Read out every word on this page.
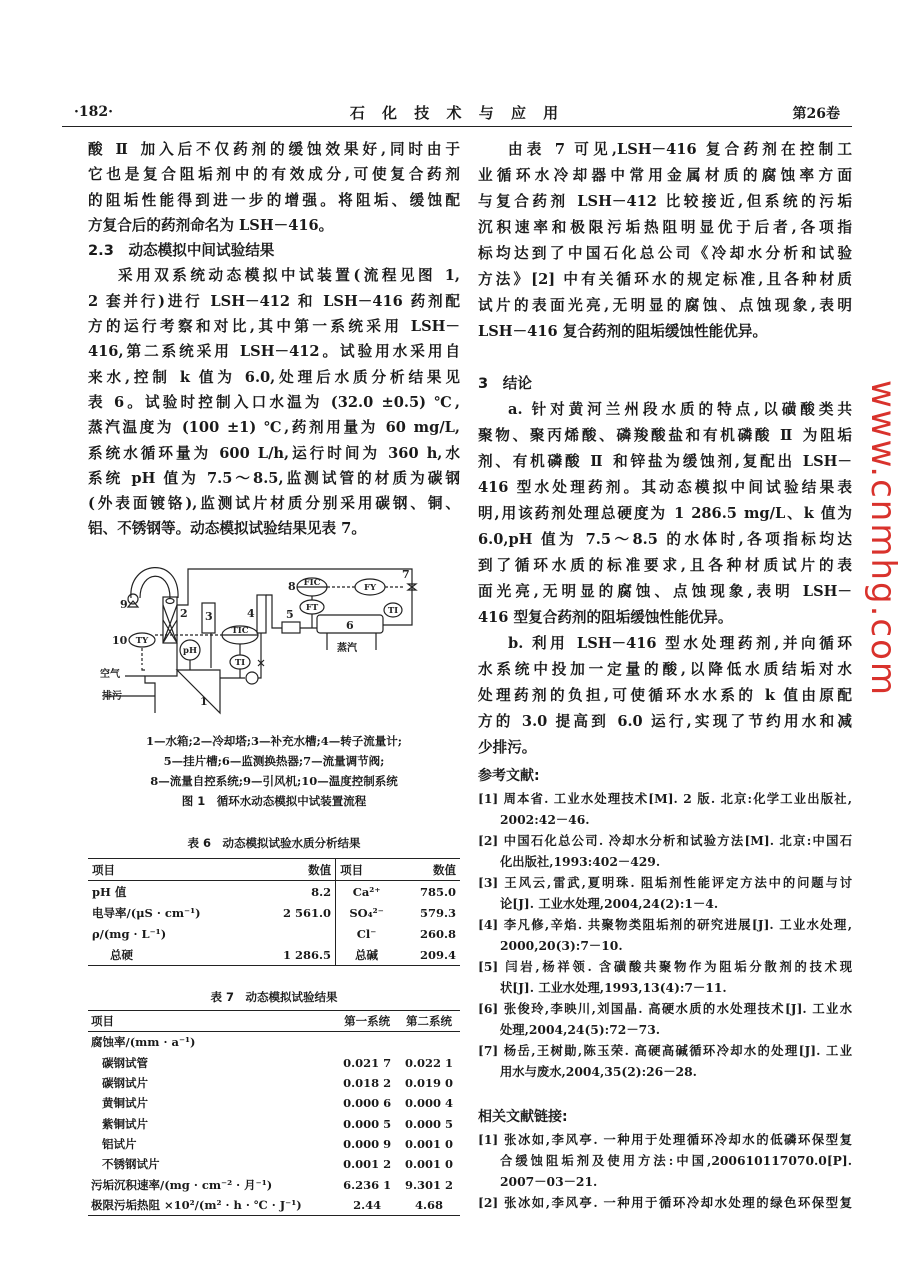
·182·	石 化 技 术 与 应 用	第26卷
酸 Ⅱ 加入后不仅药剂的缓蚀效果好,同时由于
它也是复合阻垢剂中的有效成分,可使复合药剂
的阻垢性能得到进一步的增强。将阻垢、缓蚀配
方复合后的药剂命名为 LSH－416。
2.3　动态模拟中间试验结果
采用双系统动态模拟中试装置(流程见图 1,
2 套并行)进行 LSH－412 和 LSH－416 药剂配
方的运行考察和对比,其中第一系统采用 LSH－
416,第二系统采用 LSH－412。试验用水采用自
来水,控制 k 值为 6.0,处理后水质分析结果见
表 6。试验时控制入口水温为 (32.0 ±0.5) ℃,
蒸汽温度为 (100 ±1) ℃,药剂用量为 60 mg/L,
系统水循环量为 600 L/h,运行时间为 360 h,水
系统 pH 值为 7.5～8.5,监测试管的材质为碳钢
(外表面镀铬),监测试片材质分别采用碳钢、铜、
铝、不锈钢等。动态模拟试验结果见表 7。
1
2 3	4	5
6
7
8
9
10 TY
pH
TIC
TI
FIC	FY
FT	TI
蒸汽
空气
排污
1—水箱;2—冷却塔;3—补充水槽;4—转子流量计;
5—挂片槽;6—监测换热器;7—流量调节阀;
8—流量自控系统;9—引风机;10—温度控制系统
图 1　循环水动态模拟中试装置流程
表 6　动态模拟试验水质分析结果
项目	数值	项目	数值
pH 值	8.2	Ca²⁺	785.0
电导率/(μS · cm⁻¹)	2 561.0	SO₄²⁻	579.3
ρ/(mg · L⁻¹)		Cl⁻	260.8
总硬	1 286.5	总碱	209.4
表 7　动态模拟试验结果
项目	第一系统	第二系统
腐蚀率/(mm · a⁻¹)		
碳钢试管	0.021 7	0.022 1
碳钢试片	0.018 2	0.019 0
黄铜试片	0.000 6	0.000 4
紫铜试片	0.000 5	0.000 5
铝试片	0.000 9	0.001 0
不锈钢试片	0.001 2	0.001 0
污垢沉积速率/(mg · cm⁻² · 月⁻¹)	6.236 1	9.301 2
极限污垢热阻 ×10²/(m² · h · ℃ · J⁻¹)	2.44	4.68
由表 7 可见,LSH－416 复合药剂在控制工
业循环水冷却器中常用金属材质的腐蚀率方面
与复合药剂 LSH－412 比较接近,但系统的污垢
沉积速率和极限污垢热阻明显优于后者,各项指
标均达到了中国石化总公司《冷却水分析和试验
方法》[2] 中有关循环水的规定标准,且各种材质
试片的表面光亮,无明显的腐蚀、点蚀现象,表明
LSH－416 复合药剂的阻垢缓蚀性能优异。
3　结论
a. 针对黄河兰州段水质的特点,以磺酸类共
聚物、聚丙烯酸、磷羧酸盐和有机磷酸 Ⅱ 为阻垢
剂、有机磷酸 Ⅱ 和锌盐为缓蚀剂,复配出 LSH－
416 型水处理药剂。其动态模拟中间试验结果表
明,用该药剂处理总硬度为 1 286.5 mg/L、k 值为
6.0,pH 值为 7.5～8.5 的水体时,各项指标均达
到了循环水质的标准要求,且各种材质试片的表
面光亮,无明显的腐蚀、点蚀现象,表明 LSH－
416 型复合药剂的阻垢缓蚀性能优异。
b. 利用 LSH－416 型水处理药剂,并向循环
水系统中投加一定量的酸,以降低水质结垢对水
处理药剂的负担,可使循环水水系的 k 值由原配
方的 3.0 提高到 6.0 运行,实现了节约用水和减
少排污。
参考文献:
[1] 周本省. 工业水处理技术[M]. 2 版. 北京:化学工业出版社,
2002:42－46.
[2] 中国石化总公司. 冷却水分析和试验方法[M]. 北京:中国石
化出版社,1993:402－429.
[3] 王风云,雷武,夏明珠. 阻垢剂性能评定方法中的问题与讨
论[J]. 工业水处理,2004,24(2):1－4.
[4] 李凡修,辛焰. 共聚物类阻垢剂的研究进展[J]. 工业水处理,
2000,20(3):7－10.
[5] 闫岩,杨祥领. 含磺酸共聚物作为阻垢分散剂的技术现
状[J]. 工业水处理,1993,13(4):7－11.
[6] 张俊玲,李映川,刘国晶. 高硬水质的水处理技术[J]. 工业水
处理,2004,24(5):72－73.
[7] 杨岳,王树勛,陈玉荣. 高硬高碱循环冷却水的处理[J]. 工业
用水与废水,2004,35(2):26－28.
相关文献链接:
[1] 张冰如,李风亭. 一种用于处理循环冷却水的低磷环保型复
合缓蚀阻垢剂及使用方法:中国,200610117070.0[P].
2007－03－21.
[2] 张冰如,李风亭. 一种用于循环冷却水处理的绿色环保型复
www.cnmhg.com
